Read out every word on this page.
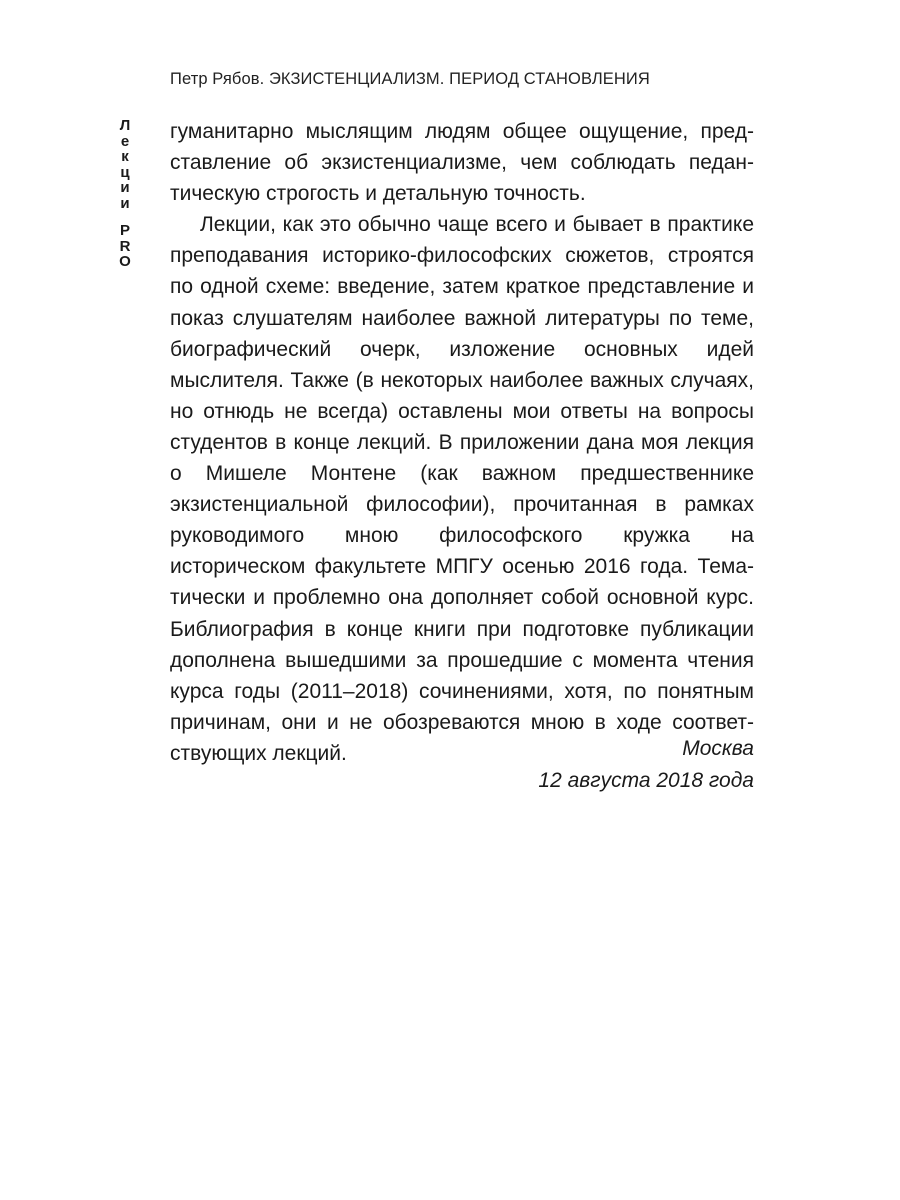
Петр Рябов. ЭКЗИСТЕНЦИАЛИЗМ. ПЕРИОД СТАНОВЛЕНИЯ
Л
е
к
ц
и
и
P
R
O

гуманитарно мыслящим людям общее ощущение, представление об экзистенциализме, чем соблюдать педантическую строгость и детальную точность.

Лекции, как это обычно чаще всего и бывает в практике преподавания историко-философских сюжетов, строятся по одной схеме: введение, затем краткое представление и показ слушателям наиболее важной литературы по теме, биографический очерк, изложение основных идей мыслителя. Также (в некоторых наиболее важных случаях, но отнюдь не всегда) оставлены мои ответы на вопросы студентов в конце лекций. В приложении дана моя лекция о Мишеле Монтене (как важном предшественнике экзистенциальной философии), прочитанная в рамках руководимого мною философского кружка на историческом факультете МПГУ осенью 2016 года. Тематически и проблемно она дополняет собой основной курс. Библиография в конце книги при подготовке публикации дополнена вышедшими за прошедшие с момента чтения курса годы (2011–2018) сочинениями, хотя, по понятным причинам, они и не обозреваются мною в ходе соответствующих лекций.	Москва
12 августа 2018 года
